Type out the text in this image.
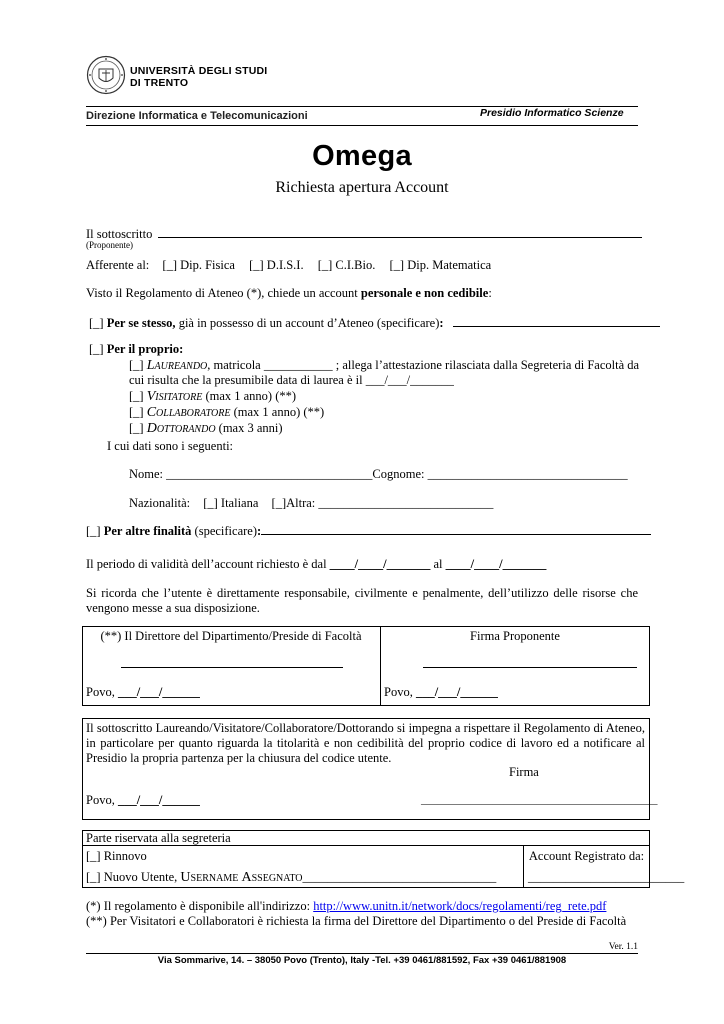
UNIVERSITÀ DEGLI STUDI
DI TRENTO
Direzione Informatica e Telecomunicazioni	Presidio Informatico Scienze
Omega
Richiesta apertura Account
Il sottoscritto
(Proponente)
Afferente al: [_] Dip. Fisica [_] D.I.S.I. [_] C.I.Bio. [_] Dip. Matematica
Visto il Regolamento di Ateneo (*), chiede un account personale e non cedibile:
[_] Per se stesso, già in possesso di un account d’Ateneo (specificare):
[_] Per il proprio:
[_] LAUREANDO, matricola ___________ ; allega l’attestazione rilasciata dalla Segreteria di Facoltà da
cui risulta che la presumibile data di laurea è il ___/___/_______
[_] VISITATORE (max 1 anno) (**)
[_] COLLABORATORE (max 1 anno) (**)
[_] DOTTORANDO (max 3 anni)
I cui dati sono i seguenti:
Nome: _________________________________Cognome: ________________________________
Nazionalità: [_] Italiana [_]Altra: ____________________________
[_] Per altre finalità (specificare):
Il periodo di validità dell’account richiesto è dal ____/____/_______ al ____/____/_______
Si ricorda che l’utente è direttamente responsabile, civilmente e penalmente, dell’utilizzo delle risorse che vengono messe a sua disposizione.
(**) Il Direttore del Dipartimento/Preside di Facoltà	Firma Proponente
Povo, ___/___/______	Povo, ___/___/______
Il sottoscritto Laureando/Visitatore/Collaboratore/Dottorando si impegna a rispettare il Regolamento di Ateneo, in particolare per quanto riguarda la titolarità e non cedibilità del proprio codice di lavoro ed a notificare al Presidio la propria partenza per la chiusura del codice utente.
Firma
Povo, ___/___/______	___________________________________________
Parte riservata alla segreteria
[_] Rinnovo	Account Registrato da:
[_] Nuovo Utente, USERNAME ASSEGNATO_______________________________	_________________________
(*) Il regolamento è disponibile all'indirizzo: http://www.unitn.it/network/docs/regolamenti/reg_rete.pdf
(**) Per Visitatori e Collaboratori è richiesta la firma del Direttore del Dipartimento o del Preside di Facoltà
Ver. 1.1
Via Sommarive, 14. – 38050 Povo (Trento), Italy -Tel. +39 0461/881592, Fax +39 0461/881908
